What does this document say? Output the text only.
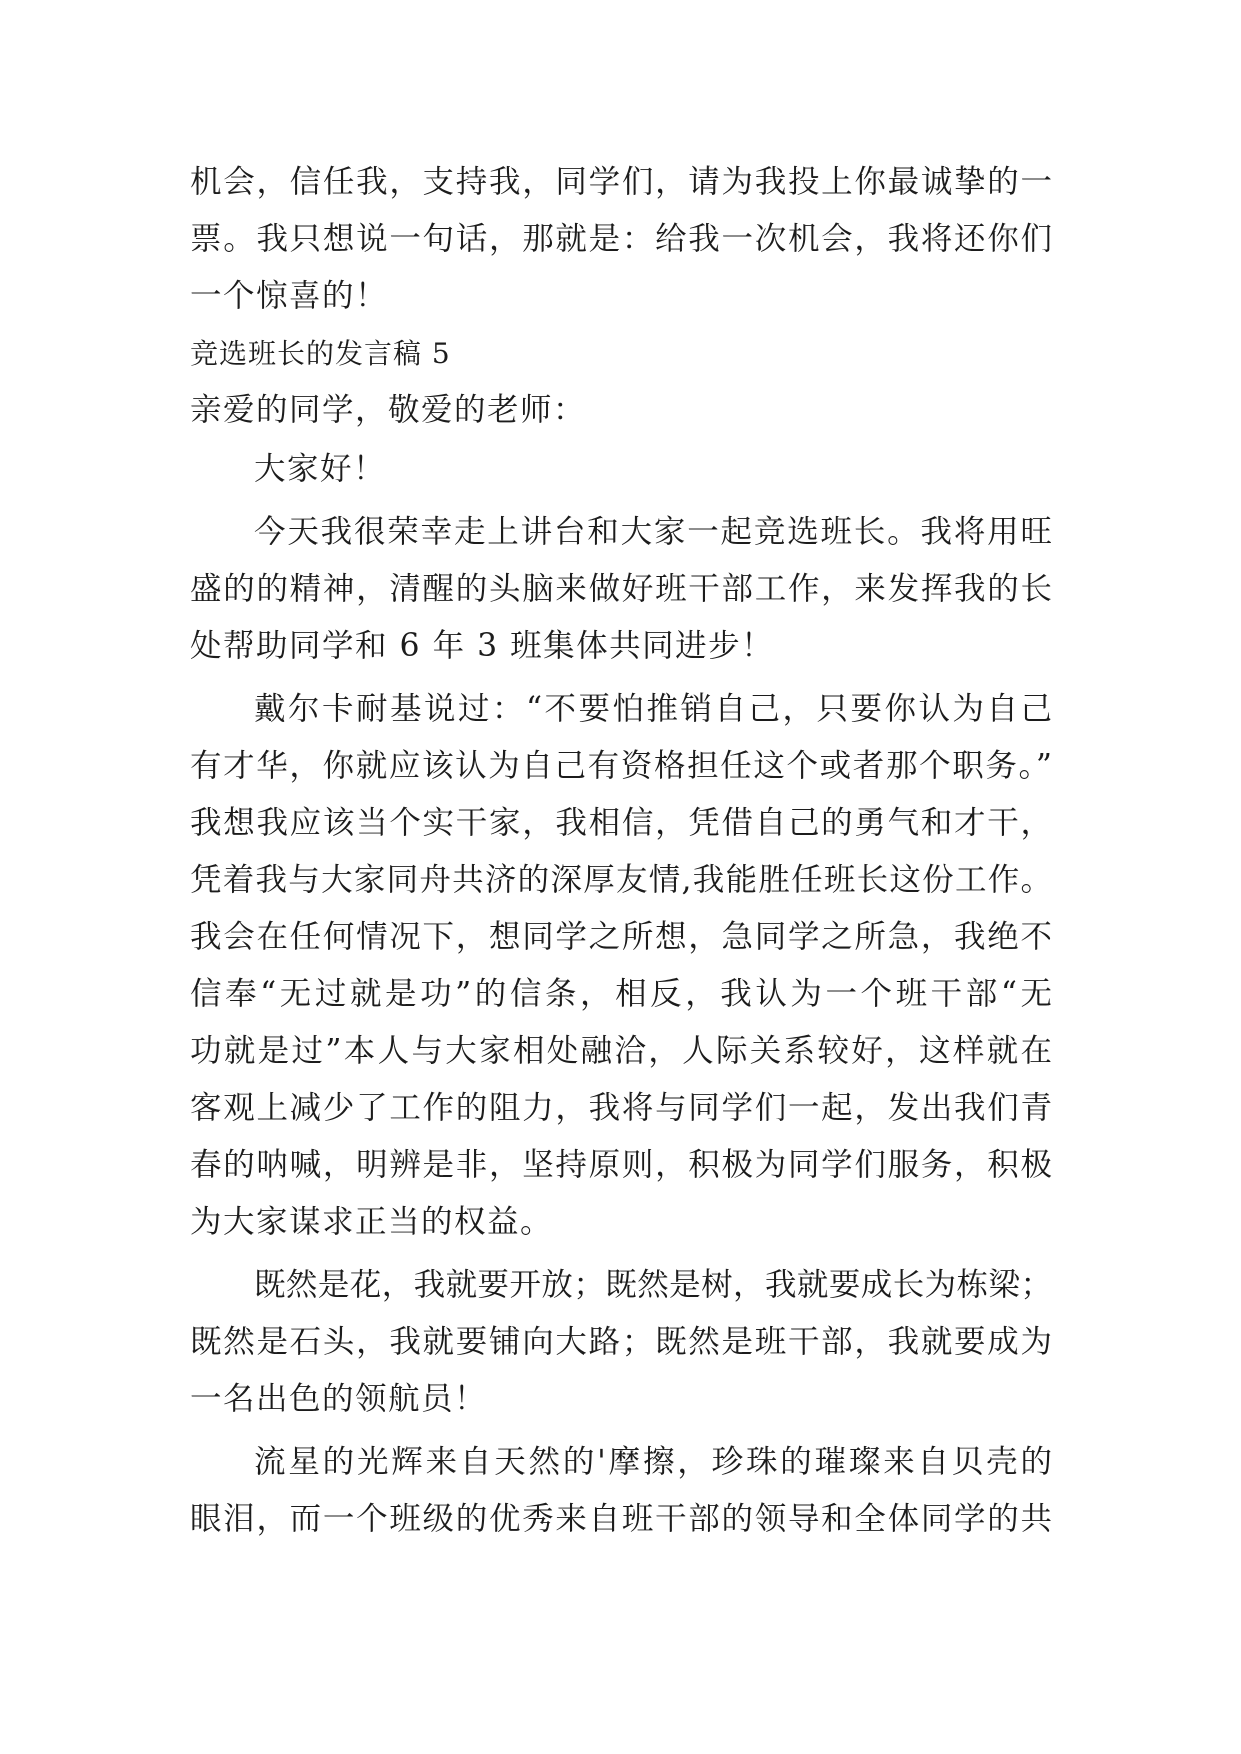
机会，信任我，支持我，同学们，请为我投上你最诚挚的一
票。我只想说一句话，那就是：给我一次机会，我将还你们
一个惊喜的！
竞选班长的发言稿 5
亲爱的同学，敬爱的老师：
大家好！
今天我很荣幸走上讲台和大家一起竞选班长。我将用旺
盛的的精神，清醒的头脑来做好班干部工作，来发挥我的长
处帮助同学和 6 年 3 班集体共同进步！
戴尔卡耐基说过：“不要怕推销自己，只要你认为自己
有才华，你就应该认为自己有资格担任这个或者那个职务。”
我想我应该当个实干家，我相信，凭借自己的勇气和才干，
凭着我与大家同舟共济的深厚友情,我能胜任班长这份工作。
我会在任何情况下，想同学之所想，急同学之所急，我绝不
信奉“无过就是功”的信条，相反，我认为一个班干部“无
功就是过”本人与大家相处融洽，人际关系较好，这样就在
客观上减少了工作的阻力，我将与同学们一起，发出我们青
春的呐喊，明辨是非，坚持原则，积极为同学们服务，积极
为大家谋求正当的权益。
既然是花，我就要开放；既然是树，我就要成长为栋梁；
既然是石头，我就要铺向大路；既然是班干部，我就要成为
一名出色的领航员！
流星的光辉来自天然的'摩擦，珍珠的璀璨来自贝壳的
眼泪，而一个班级的优秀来自班干部的领导和全体同学的共
